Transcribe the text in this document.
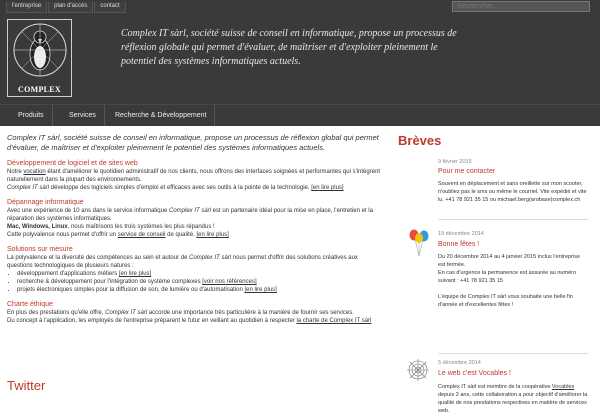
l'entreprise	plan d'accès	contact
Rechercher...
COMPLEX
Complex IT sàrl, société suisse de conseil en informatique, propose un processus de réflexion globale qui permet d'évaluer, de maîtriser et d'exploiter pleinement le potentiel des systèmes informatiques actuels.
Produits	Services	Recherche & Développement

Complex IT sàrl, société suisse de conseil en informatique, propose un processus de réflexion global qui permet d'évaluer, de maîtriser et d'exploiter pleinement le potentiel des systèmes informatiques actuels.

Développement de logiciel et de sites web

Notre vocation étant d'améliorer le quotidien administratif de nos clients, nous offrons des interfaces soignées et performantes qui s'intègrent naturellement dans la plupart des environnements.

Complex IT sàrl développe des logiciels simples d'emploi et efficaces avec ses outils à la pointe de la technologie. [en lire plus]

Dépannage informatique

Avec une expérience de 10 ans dans le service informatique Complex IT sàrl est un partenaire idéal pour la mise en place, l'entretien et la réparation des systèmes informatiques.

Mac, Windows, Linux, nous maîtrisons les trois systèmes les plus répandus !

Cette polyvalence nous permet d'offrir un service de conseil de qualité. [en lire plus]

Solutions sur mesure

La polyvalence et la diversité des compétences au sein et autour de Complex IT sàrl nous permet d'offrir des solutions créatives aux questions technologiques de plusieurs natures :

• développement d'applications métiers [en lire plus]
• recherche & développement pour l'intégration de système complexes [voir nos références]
• projets électroniques simples pour la diffusion de son, de lumière ou d'automatisation [en lire plus]
Charte éthique

En plus des prestations qu'elle offre, Complex IT sàrl accorde une importance très particulière à la manière de fournir ses services.

Du concept à l'application, les employés de l'entreprise préparent le futur en veillant au quotidien à respecter la charte de Complex IT sàrl

Twitter
Brèves
9 février 2015
Pour me contacter
Souvent en déplacement et sans oreillette sur mon scooter, n'oubliez pas le sms ou même le courriel. Vite expédié et vite lu. +41 78 921 35 15 ou michael.berg(arobase)complex.ch
19 décembre 2014
Bonne fêtes !
Du 20 décembre 2014 au 4 janvier 2015 inclus l'entreprise est fermée.
En cas d'urgence la permanence est assurée au numéro suivant : +41 78 921 35 15

L'équipe de Complex IT sàrl vous souhaite une belle fin d'année et d'excellentes fêtes !
5 décembre 2014
Le web c'est Vocables !
Complex IT sàrl est membre de la coopérative Vocables depuis 2 ans, cette collaboration a pour objectif d'améliorer la qualité de nos prestations respectives en matière de services web.
